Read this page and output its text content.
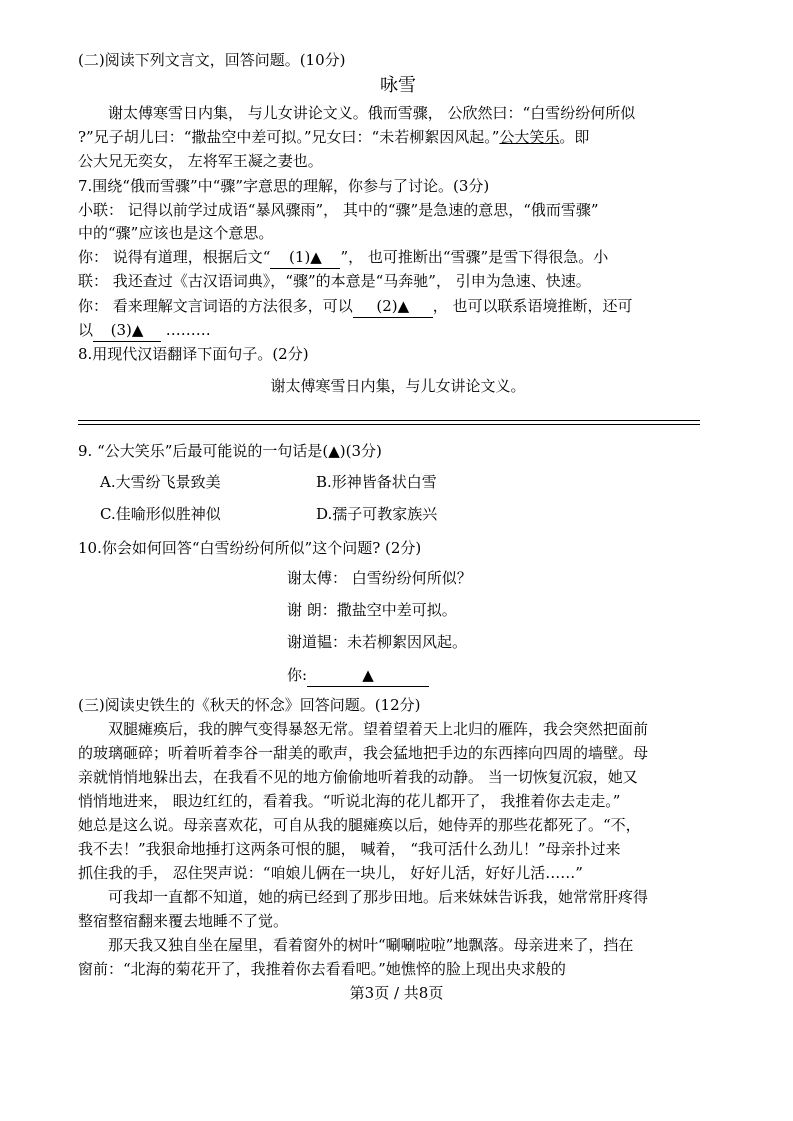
(二)阅读下列文言文，回答问题。(10分)
咏雪
谢太傅寒雪日内集， 与儿女讲论文义。俄而雪骤， 公欣然曰：“白雪纷纷何所似
?”兄子胡儿曰：“撒盐空中差可拟。”兄女曰：“未若柳絮因风起。”公大笑乐。即
公大兄无奕女， 左将军王凝之妻也。
7.围绕“俄而雪骤”中“骤”字意思的理解，你参与了讨论。(3分)
小联： 记得以前学过成语“暴风骤雨”， 其中的“骤”是急速的意思，“俄而雪骤”
中的“骤”应该也是这个意思。
你： 说得有道理，根据后文“ (1)▲ ”， 也可推断出“雪骤”是雪下得很急。小
联： 我还查过《古汉语词典》，“骤”的本意是“马奔驰”， 引申为急速、快速。
你： 看来理解文言词语的方法很多，可以 (2)▲ ， 也可以联系语境推断，还可
以 (3)▲ ………
8.用现代汉语翻译下面句子。(2分)
谢太傅寒雪日内集，与儿女讲论文义。
9. “公大笑乐”后最可能说的一句话是(▲)(3分)
A.大雪纷飞景致美	B.形神皆备状白雪
C.佳喻形似胜神似	D.孺子可教家族兴
10.你会如何回答“白雪纷纷何所似”这个问题? (2分)
谢太傅： 白雪纷纷何所似？
谢 朗：撒盐空中差可拟。
谢道韫：未若柳絮因风起。
你:	▲
(三)阅读史铁生的《秋天的怀念》回答问题。(12分)
双腿瘫痪后，我的脾气变得暴怒无常。望着望着天上北归的雁阵，我会突然把面前
的玻璃砸碎；听着听着李谷一甜美的歌声，我会猛地把手边的东西摔向四周的墙壁。母
亲就悄悄地躲出去，在我看不见的地方偷偷地听着我的动静。 当一切恢复沉寂，她又
悄悄地进来， 眼边红红的，看着我。“听说北海的花儿都开了， 我推着你去走走。”
她总是这么说。母亲喜欢花，可自从我的腿瘫痪以后，她侍弄的那些花都死了。“不，
我不去！”我狠命地捶打这两条可恨的腿， 喊着， “我可活什么劲儿！”母亲扑过来
抓住我的手， 忍住哭声说：“咱娘儿俩在一块儿， 好好儿活，好好儿活……”
可我却一直都不知道，她的病已经到了那步田地。后来妹妹告诉我，她常常肝疼得
整宿整宿翻来覆去地睡不了觉。
那天我又独自坐在屋里，看着窗外的树叶“唰唰啦啦”地飘落。母亲进来了，挡在
窗前：“北海的菊花开了，我推着你去看看吧。”她憔悴的脸上现出央求般的
第3页 / 共8页
